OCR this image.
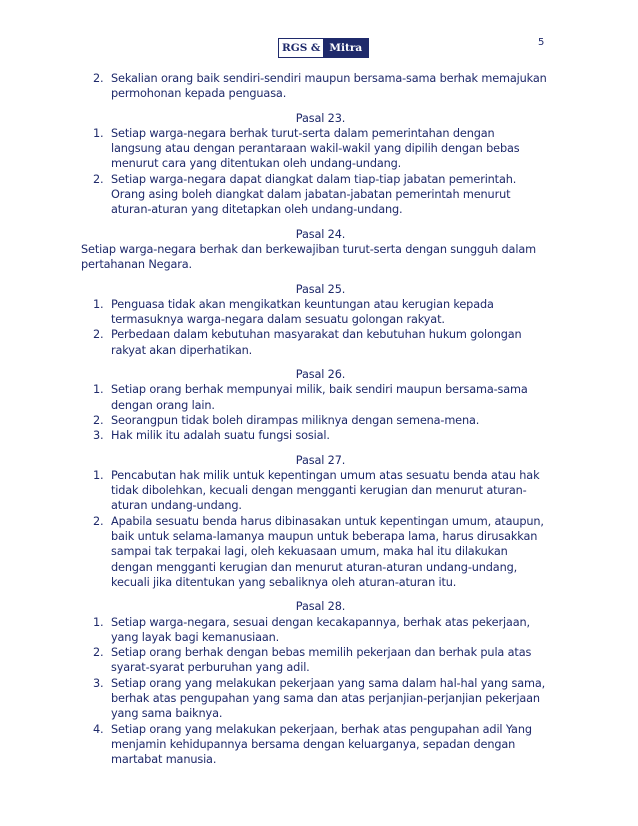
RGS & Mitra	5
2. Sekalian orang baik sendiri-sendiri maupun bersama-sama berhak memajukan permohonan kepada penguasa.
Pasal 23.
1. Setiap warga-negara berhak turut-serta dalam pemerintahan dengan langsung atau dengan perantaraan wakil-wakil yang dipilih dengan bebas menurut cara yang ditentukan oleh undang-undang.
2. Setiap warga-negara dapat diangkat dalam tiap-tiap jabatan pemerintah. Orang asing boleh diangkat dalam jabatan-jabatan pemerintah menurut aturan-aturan yang ditetapkan oleh undang-undang.
Pasal 24.

Setiap warga-negara berhak dan berkewajiban turut-serta dengan sungguh dalam pertahanan Negara.

Pasal 25.
1. Penguasa tidak akan mengikatkan keuntungan atau kerugian kepada termasuknya warga-negara dalam sesuatu golongan rakyat.
2. Perbedaan dalam kebutuhan masyarakat dan kebutuhan hukum golongan rakyat akan diperhatikan.
Pasal 26.
1. Setiap orang berhak mempunyai milik, baik sendiri maupun bersama-sama dengan orang lain.
2. Seorangpun tidak boleh dirampas miliknya dengan semena-mena.
3. Hak milik itu adalah suatu fungsi sosial.
Pasal 27.
1. Pencabutan hak milik untuk kepentingan umum atas sesuatu benda atau hak tidak dibolehkan, kecuali dengan mengganti kerugian dan menurut aturan-aturan undang-undang.
2. Apabila sesuatu benda harus dibinasakan untuk kepentingan umum, ataupun, baik untuk selama-lamanya maupun untuk beberapa lama, harus dirusakkan sampai tak terpakai lagi, oleh kekuasaan umum, maka hal itu dilakukan dengan mengganti kerugian dan menurut aturan-aturan undang-undang, kecuali jika ditentukan yang sebaliknya oleh aturan-aturan itu.
Pasal 28.
1. Setiap warga-negara, sesuai dengan kecakapannya, berhak atas pekerjaan, yang layak bagi kemanusiaan.
2. Setiap orang berhak dengan bebas memilih pekerjaan dan berhak pula atas syarat-syarat perburuhan yang adil.
3. Setiap orang yang melakukan pekerjaan yang sama dalam hal-hal yang sama, berhak atas pengupahan yang sama dan atas perjanjian-perjanjian pekerjaan yang sama baiknya.
4. Setiap orang yang melakukan pekerjaan, berhak atas pengupahan adil Yang menjamin kehidupannya bersama dengan keluarganya, sepadan dengan martabat manusia.
